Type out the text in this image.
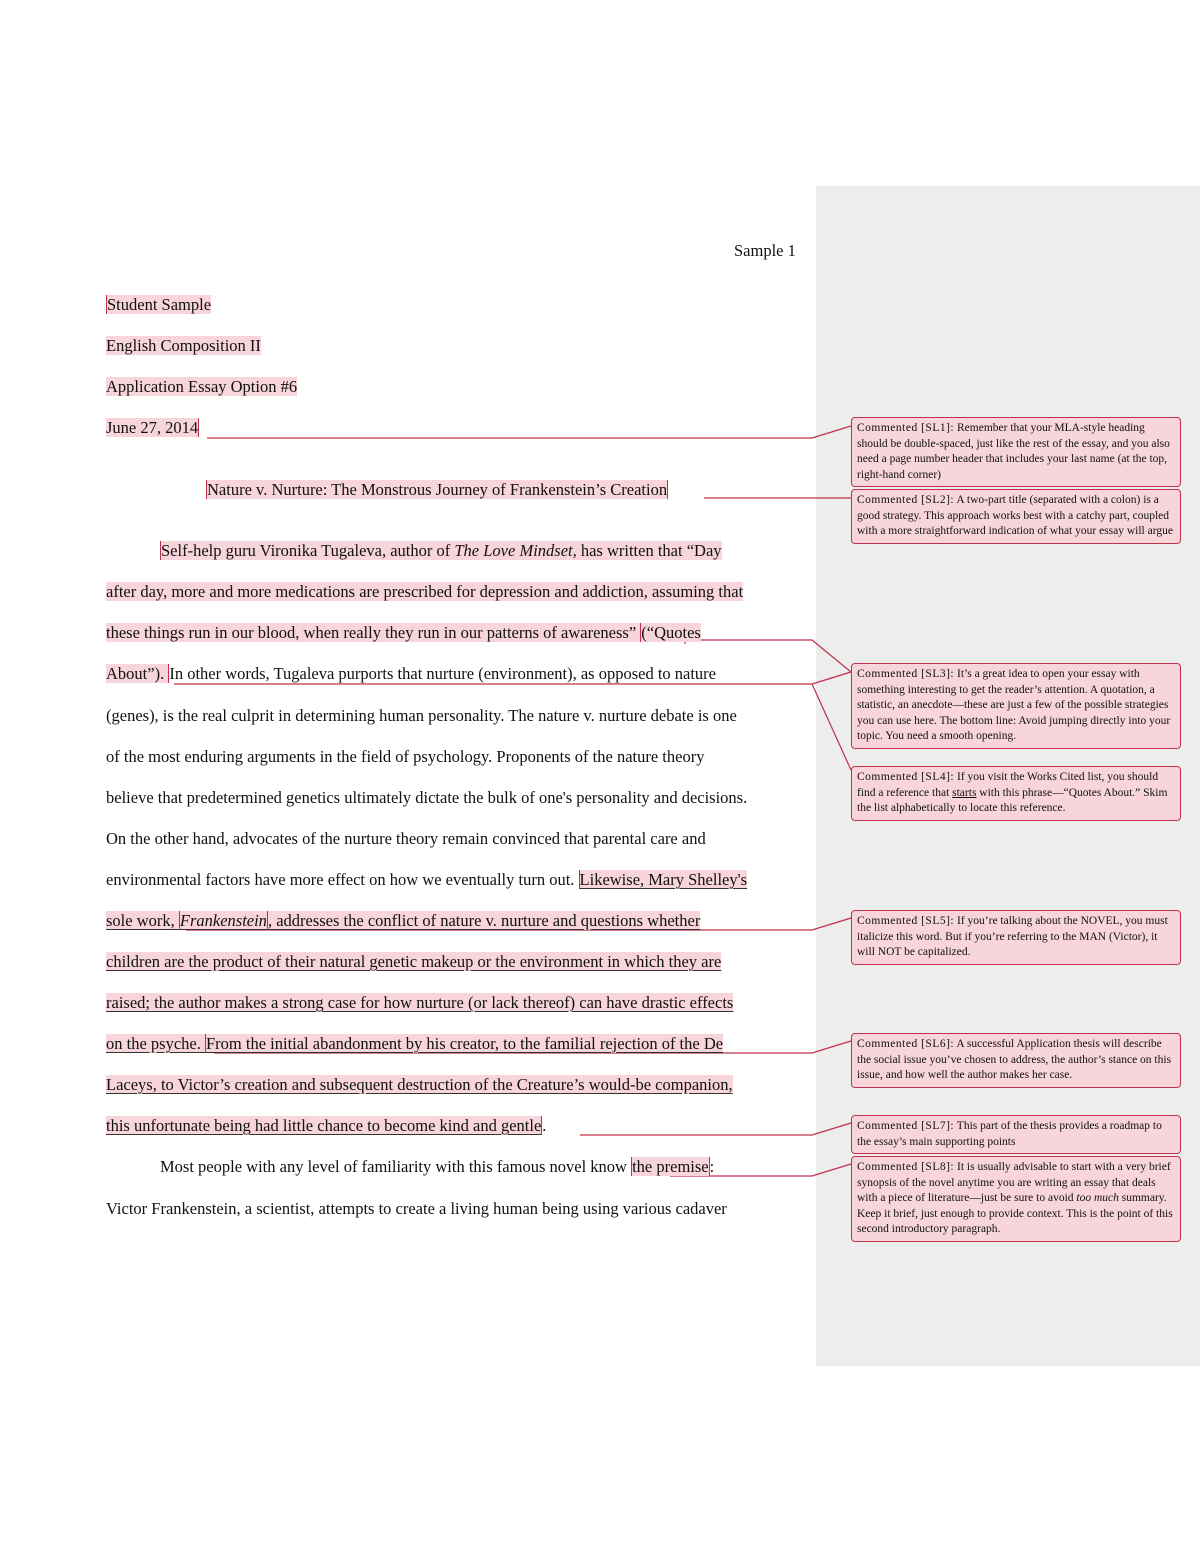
Sample 1
Student Sample
English Composition II
Application Essay Option #6
June 27, 2014
Nature v. Nurture: The Monstrous Journey of Frankenstein’s Creation
Self-help guru Vironika Tugaleva, author of The Love Mindset, has written that “Day
after day, more and more medications are prescribed for depression and addiction, assuming that
these things run in our blood, when really they run in our patterns of awareness” (“Quotes
About”). In other words, Tugaleva purports that nurture (environment), as opposed to nature
(genes), is the real culprit in determining human personality. The nature v. nurture debate is one
of the most enduring arguments in the field of psychology. Proponents of the nature theory
believe that predetermined genetics ultimately dictate the bulk of one's personality and decisions.
On the other hand, advocates of the nurture theory remain convinced that parental care and
environmental factors have more effect on how we eventually turn out. Likewise, Mary Shelley's
sole work, Frankenstein, addresses the conflict of nature v. nurture and questions whether
children are the product of their natural genetic makeup or the environment in which they are
raised; the author makes a strong case for how nurture (or lack thereof) can have drastic effects
on the psyche. From the initial abandonment by his creator, to the familial rejection of the De
Laceys, to Victor’s creation and subsequent destruction of the Creature’s would-be companion,
this unfortunate being had little chance to become kind and gentle.
Most people with any level of familiarity with this famous novel know the premise:
Victor Frankenstein, a scientist, attempts to create a living human being using various cadaver
Commented [SL1]: Remember that your MLA-style heading should be double-spaced, just like the rest of the essay, and you also need a page number header that includes your last name (at the top, right-hand corner)
Commented [SL2]: A two-part title (separated with a colon) is a good strategy. This approach works best with a catchy part, coupled with a more straightforward indication of what your essay will argue
Commented [SL3]: It’s a great idea to open your essay with something interesting to get the reader’s attention. A quotation, a statistic, an anecdote—these are just a few of the possible strategies you can use here. The bottom line: Avoid jumping directly into your topic. You need a smooth opening.
Commented [SL4]: If you visit the Works Cited list, you should find a reference that starts with this phrase—“Quotes About.” Skim the list alphabetically to locate this reference.
Commented [SL5]: If you’re talking about the NOVEL, you must italicize this word. But if you’re referring to the MAN (Victor), it will NOT be capitalized.
Commented [SL6]: A successful Application thesis will describe the social issue you’ve chosen to address, the author’s stance on this issue, and how well the author makes her case.
Commented [SL7]: This part of the thesis provides a roadmap to the essay’s main supporting points
Commented [SL8]: It is usually advisable to start with a very brief synopsis of the novel anytime you are writing an essay that deals with a piece of literature—just be sure to avoid too much summary. Keep it brief, just enough to provide context. This is the point of this second introductory paragraph.
